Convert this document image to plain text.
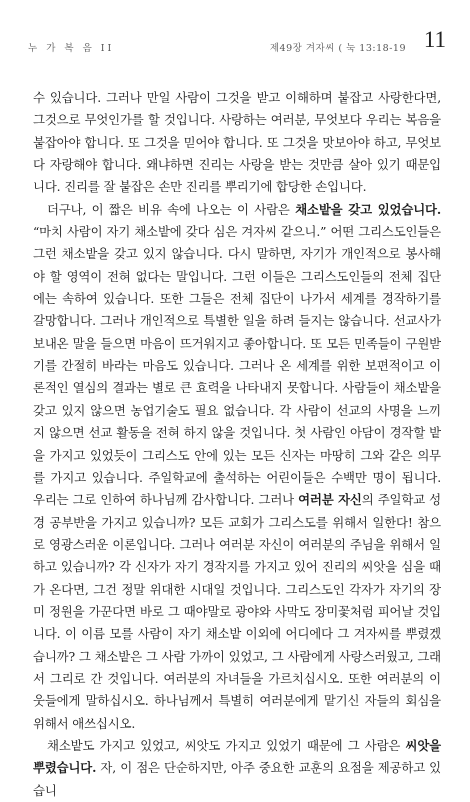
누 가 복 음 II	제49장 겨자씨 ( 눅 13:18-19 11

수 있습니다. 그러나 만일 사람이 그것을 받고 이해하며 붙잡고 사랑한다면, 그것으로 무엇인가를 할 것입니다. 사랑하는 여러분, 무엇보다 우리는 복음을 붙잡아야 합니다. 또 그것을 믿어야 합니다. 또 그것을 맛보아야 하고, 무엇보다 자랑해야 합니다. 왜냐하면 진리는 사랑을 받는 것만큼 살아 있기 때문입니다. 진리를 잘 붙잡은 손만 진리를 뿌리기에 합당한 손입니다.

더구나, 이 짧은 비유 속에 나오는 이 사람은 채소밭을 갖고 있었습니다. “마치 사람이 자기 채소밭에 갖다 심은 겨자씨 같으니.” 어떤 그리스도인들은 그런 채소밭을 갖고 있지 않습니다. 다시 말하면, 자기가 개인적으로 봉사해야 할 영역이 전혀 없다는 말입니다. 그런 이들은 그리스도인들의 전체 집단에는 속하여 있습니다. 또한 그들은 전체 집단이 나가서 세계를 경작하기를 갈망합니다. 그러나 개인적으로 특별한 일을 하려 들지는 않습니다. 선교사가 보내온 말을 들으면 마음이 뜨거워지고 좋아합니다. 또 모든 민족들이 구원받기를 간절히 바라는 마음도 있습니다. 그러나 온 세계를 위한 보편적이고 이론적인 열심의 결과는 별로 큰 효력을 나타내지 못합니다. 사람들이 채소밭을 갖고 있지 않으면 농업기술도 필요 없습니다. 각 사람이 선교의 사명을 느끼지 않으면 선교 활동을 전혀 하지 않을 것입니다. 첫 사람인 아담이 경작할 밭을 가지고 있었듯이 그리스도 안에 있는 모든 신자는 마땅히 그와 같은 의무를 가지고 있습니다. 주일학교에 출석하는 어린이들은 수백만 명이 됩니다. 우리는 그로 인하여 하나님께 감사합니다. 그러나 여러분 자신의 주일학교 성경 공부반을 가지고 있습니까? 모든 교회가 그리스도를 위해서 일한다! 참으로 영광스러운 이론입니다. 그러나 여러분 자신이 여러분의 주님을 위해서 일하고 있습니까? 각 신자가 자기 경작지를 가지고 있어 진리의 씨앗을 심을 때가 온다면, 그건 정말 위대한 시대일 것입니다. 그리스도인 각자가 자기의 장미 정원을 가꾼다면 바로 그 때야말로 광야와 사막도 장미꽃처럼 피어날 것입니다. 이 이름 모를 사람이 자기 채소밭 이외에 어디에다 그 겨자씨를 뿌렸겠습니까? 그 채소밭은 그 사람 가까이 있었고, 그 사람에게 사랑스러웠고, 그래서 그리로 간 것입니다. 여러분의 자녀들을 가르치십시오. 또한 여러분의 이웃들에게 말하십시오. 하나님께서 특별히 여러분에게 맡기신 자들의 회심을 위해서 애쓰십시오.

채소밭도 가지고 있었고, 씨앗도 가지고 있었기 때문에 그 사람은 씨앗을 뿌렸습니다. 자, 이 점은 단순하지만, 아주 중요한 교훈의 요점을 제공하고 있습니
